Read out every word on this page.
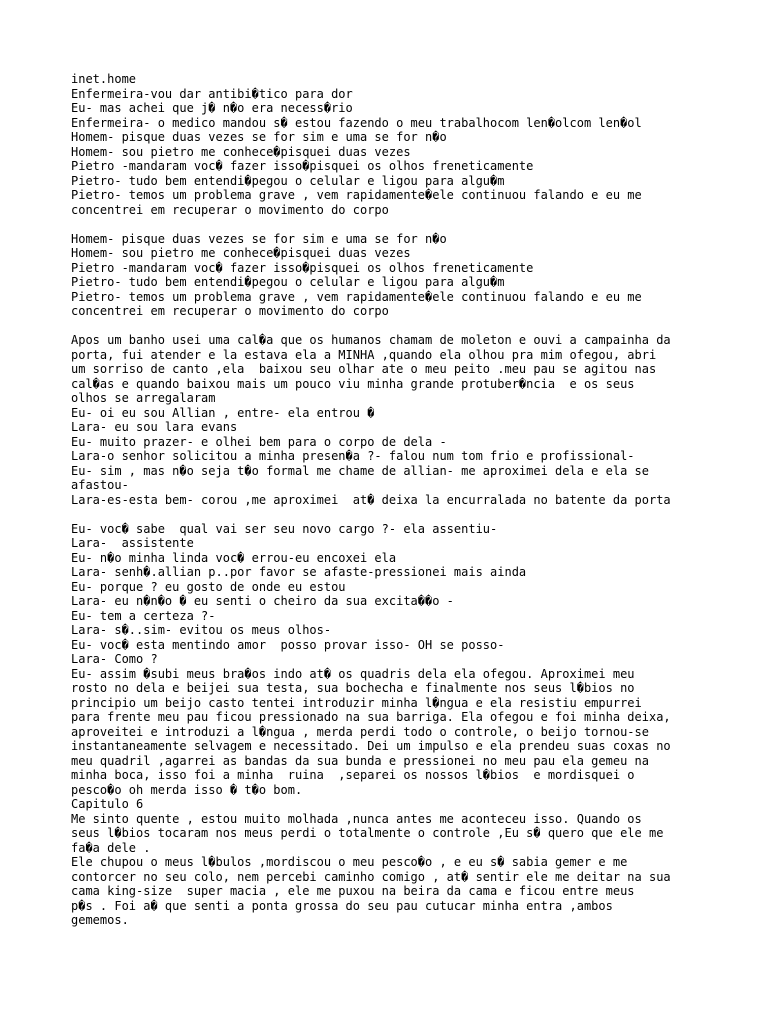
inet.home
Enfermeira-vou dar antibi�tico para dor
Eu- mas achei que j� n�o era necess�rio
Enfermeira- o medico mandou s� estou fazendo o meu trabalhocom len�olcom len�ol
Homem- pisque duas vezes se for sim e uma se for n�o
Homem- sou pietro me conhece�pisquei duas vezes
Pietro -mandaram voc� fazer isso�pisquei os olhos freneticamente
Pietro- tudo bem entendi�pegou o celular e ligou para algu�m
Pietro- temos um problema grave , vem rapidamente�ele continuou falando e eu me
concentrei em recuperar o movimento do corpo
Homem- pisque duas vezes se for sim e uma se for n�o
Homem- sou pietro me conhece�pisquei duas vezes
Pietro -mandaram voc� fazer isso�pisquei os olhos freneticamente
Pietro- tudo bem entendi�pegou o celular e ligou para algu�m
Pietro- temos um problema grave , vem rapidamente�ele continuou falando e eu me
concentrei em recuperar o movimento do corpo
Apos um banho usei uma cal�a que os humanos chamam de moleton e ouvi a campainha da
porta, fui atender e la estava ela a MINHA ,quando ela olhou pra mim ofegou, abri
um sorriso de canto ,ela  baixou seu olhar ate o meu peito .meu pau se agitou nas
cal�as e quando baixou mais um pouco viu minha grande protuber�ncia  e os seus
olhos se arregalaram
Eu- oi eu sou Allian , entre- ela entrou �
Lara- eu sou lara evans
Eu- muito prazer- e olhei bem para o corpo de dela -
Lara-o senhor solicitou a minha presen�a ?- falou num tom frio e profissional-
Eu- sim , mas n�o seja t�o formal me chame de allian- me aproximei dela e ela se
afastou-
Lara-es-esta bem- corou ,me aproximei  at� deixa la encurralada no batente da porta
Eu- voc� sabe  qual vai ser seu novo cargo ?- ela assentiu-
Lara-  assistente
Eu- n�o minha linda voc� errou-eu encoxei ela
Lara- senh�.allian p..por favor se afaste-pressionei mais ainda
Eu- porque ? eu gosto de onde eu estou
Lara- eu n�n�o � eu senti o cheiro da sua excita��o -
Eu- tem a certeza ?-
Lara- s�..sim- evitou os meus olhos-
Eu- voc� esta mentindo amor  posso provar isso- OH se posso-
Lara- Como ?
Eu- assim �subi meus bra�os indo at� os quadris dela ela ofegou. Aproximei meu
rosto no dela e beijei sua testa, sua bochecha e finalmente nos seus l�bios no
principio um beijo casto tentei introduzir minha l�ngua e ela resistiu empurrei
para frente meu pau ficou pressionado na sua barriga. Ela ofegou e foi minha deixa,
aproveitei e introduzi a l�ngua , merda perdi todo o controle, o beijo tornou-se
instantaneamente selvagem e necessitado. Dei um impulso e ela prendeu suas coxas no
meu quadril ,agarrei as bandas da sua bunda e pressionei no meu pau ela gemeu na
minha boca, isso foi a minha  ruina  ,separei os nossos l�bios  e mordisquei o
pesco�o oh merda isso � t�o bom.
Capitulo 6
Me sinto quente , estou muito molhada ,nunca antes me aconteceu isso. Quando os
seus l�bios tocaram nos meus perdi o totalmente o controle ,Eu s� quero que ele me
fa�a dele .
Ele chupou o meus l�bulos ,mordiscou o meu pesco�o , e eu s� sabia gemer e me
contorcer no seu colo, nem percebi caminho comigo , at� sentir ele me deitar na sua
cama king-size  super macia , ele me puxou na beira da cama e ficou entre meus
p�s . Foi a� que senti a ponta grossa do seu pau cutucar minha entra ,ambos
gememos.
